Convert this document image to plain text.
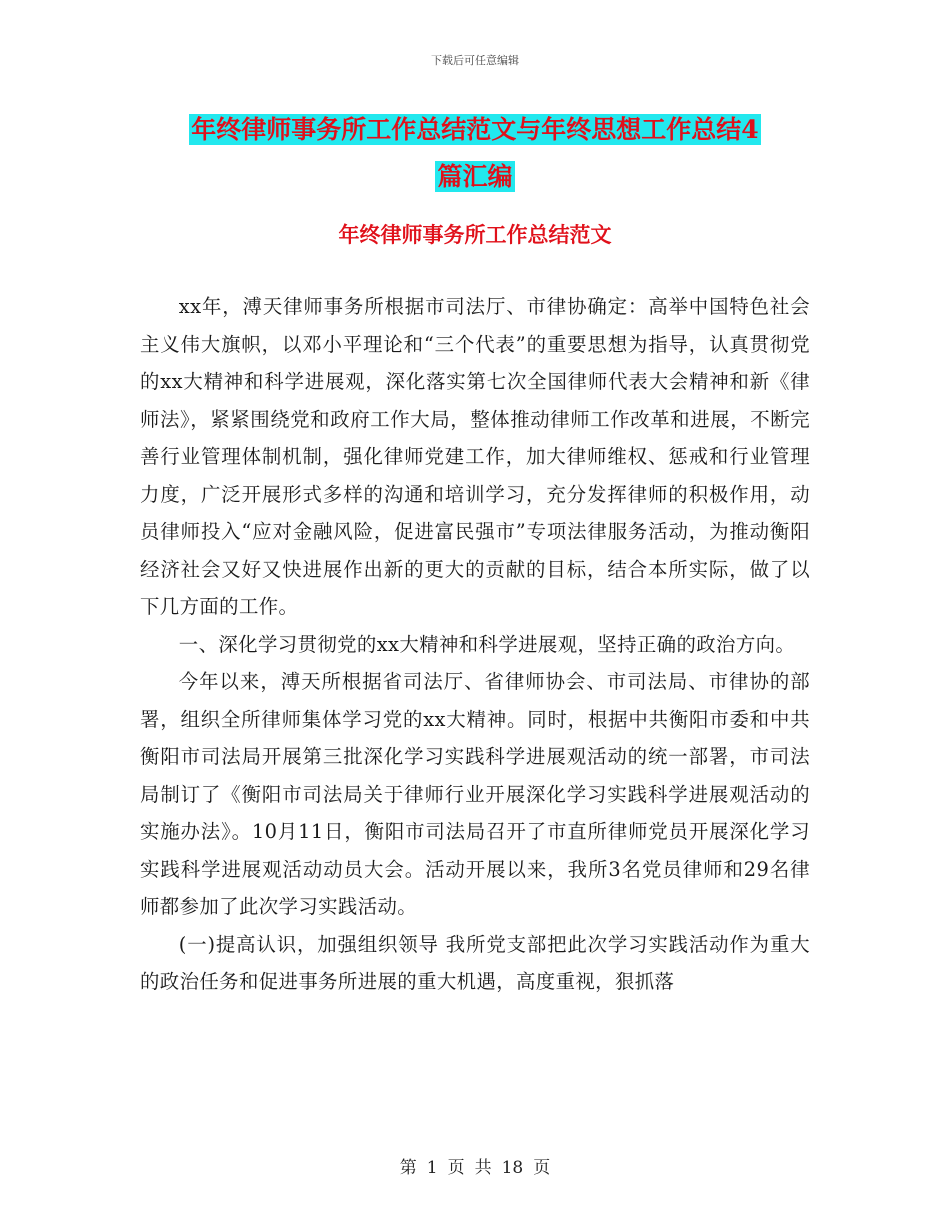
下载后可任意编辑
年终律师事务所工作总结范文与年终思想工作总结4
篇汇编
年终律师事务所工作总结范文

xx年，溥天律师事务所根据市司法厅、市律协确定：高举中国特色社会主义伟大旗帜，以邓小平理论和“三个代表”的重要思想为指导，认真贯彻党的xx大精神和科学进展观，深化落实第七次全国律师代表大会精神和新《律师法》，紧紧围绕党和政府工作大局，整体推动律师工作改革和进展，不断完善行业管理体制机制，强化律师党建工作，加大律师维权、惩戒和行业管理力度，广泛开展形式多样的沟通和培训学习，充分发挥律师的积极作用，动员律师投入“应对金融风险，促进富民强市”专项法律服务活动，为推动衡阳经济社会又好又快进展作出新的更大的贡献的目标，结合本所实际，做了以下几方面的工作。

一、深化学习贯彻党的xx大精神和科学进展观，坚持正确的政治方向。

今年以来，溥天所根据省司法厅、省律师协会、市司法局、市律协的部署，组织全所律师集体学习党的xx大精神。同时，根据中共衡阳市委和中共衡阳市司法局开展第三批深化学习实践科学进展观活动的统一部署，市司法局制订了《衡阳市司法局关于律师行业开展深化学习实践科学进展观活动的实施办法》。10月11日，衡阳市司法局召开了市直所律师党员开展深化学习实践科学进展观活动动员大会。活动开展以来，我所3名党员律师和29名律师都参加了此次学习实践活动。

(一)提高认识，加强组织领导 我所党支部把此次学习实践活动作为重大的政治任务和促进事务所进展的重大机遇，高度重视，狠抓落

第 1 页 共 18 页
